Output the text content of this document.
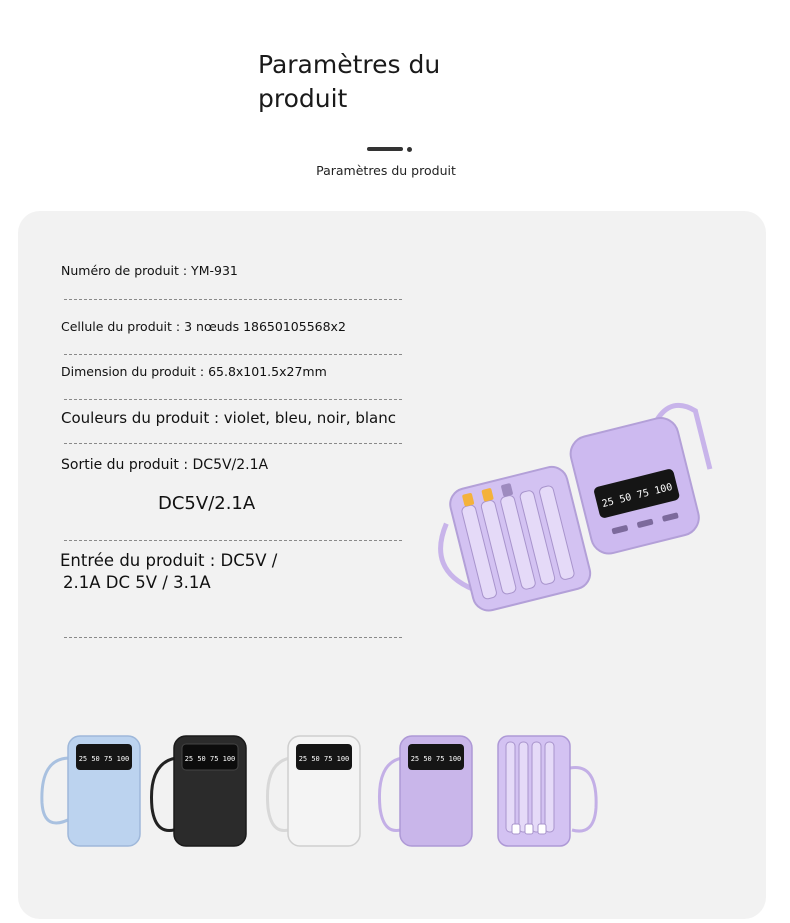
Paramètres du produit

Paramètres du produit

Numéro de produit : YM-931
Cellule du produit : 3 nœuds 18650105568x2
Dimension du produit : 65.8x101.5x27mm
Couleurs du produit : violet, bleu, noir, blanc
Sortie du produit : DC5V/2.1A
DC5V/2.1A
Entrée du produit : DC5V /
2.1A DC 5V / 3.1A
25 50 75 100
25 50 75 100	25 50 75 100	25 50 75 100	25 50 75 100
